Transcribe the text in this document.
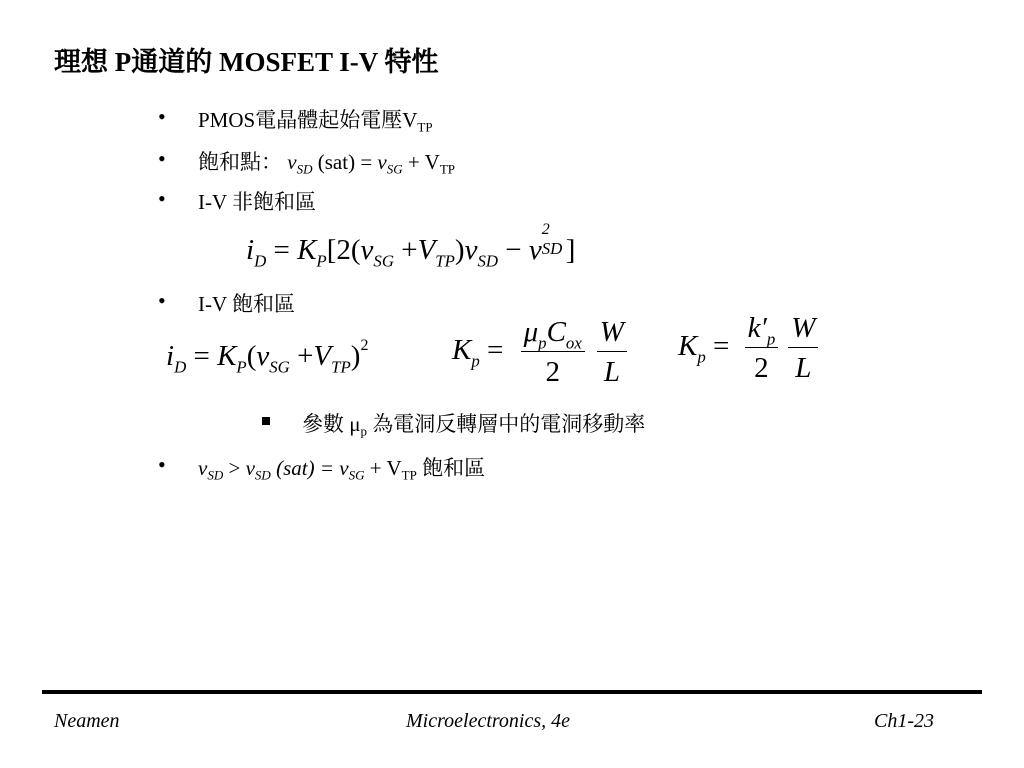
理想 P通道的 MOSFET I-V 特性
• PMOS電晶體起始電壓$V_{TP}$
• 飽和點： $v_{SD}$ $(sat) = v_{SG} + V_{TP}$
• I-V 非飽和區
$i_D = K_P[2(v_{SG} +V_{TP})v_{SD} - v$
2
SD ]
• I-V 飽和區
$i_D = K_P(v_{SG} +V_{TP})^2$	$K_p = \frac{\mu_pC_{ox}}{2} \frac{W}{L} K_p = \frac{k'_p}{2} \frac{W}{L}$
參數 $\mu_p$ 為電洞反轉層中的電洞移動率
• $v_{SD} > v_{SD}$ $(sat) = v_{SG} + V_{TP}$ 飽和區
Neamen	Microelectronics, 4e	Ch1-23
